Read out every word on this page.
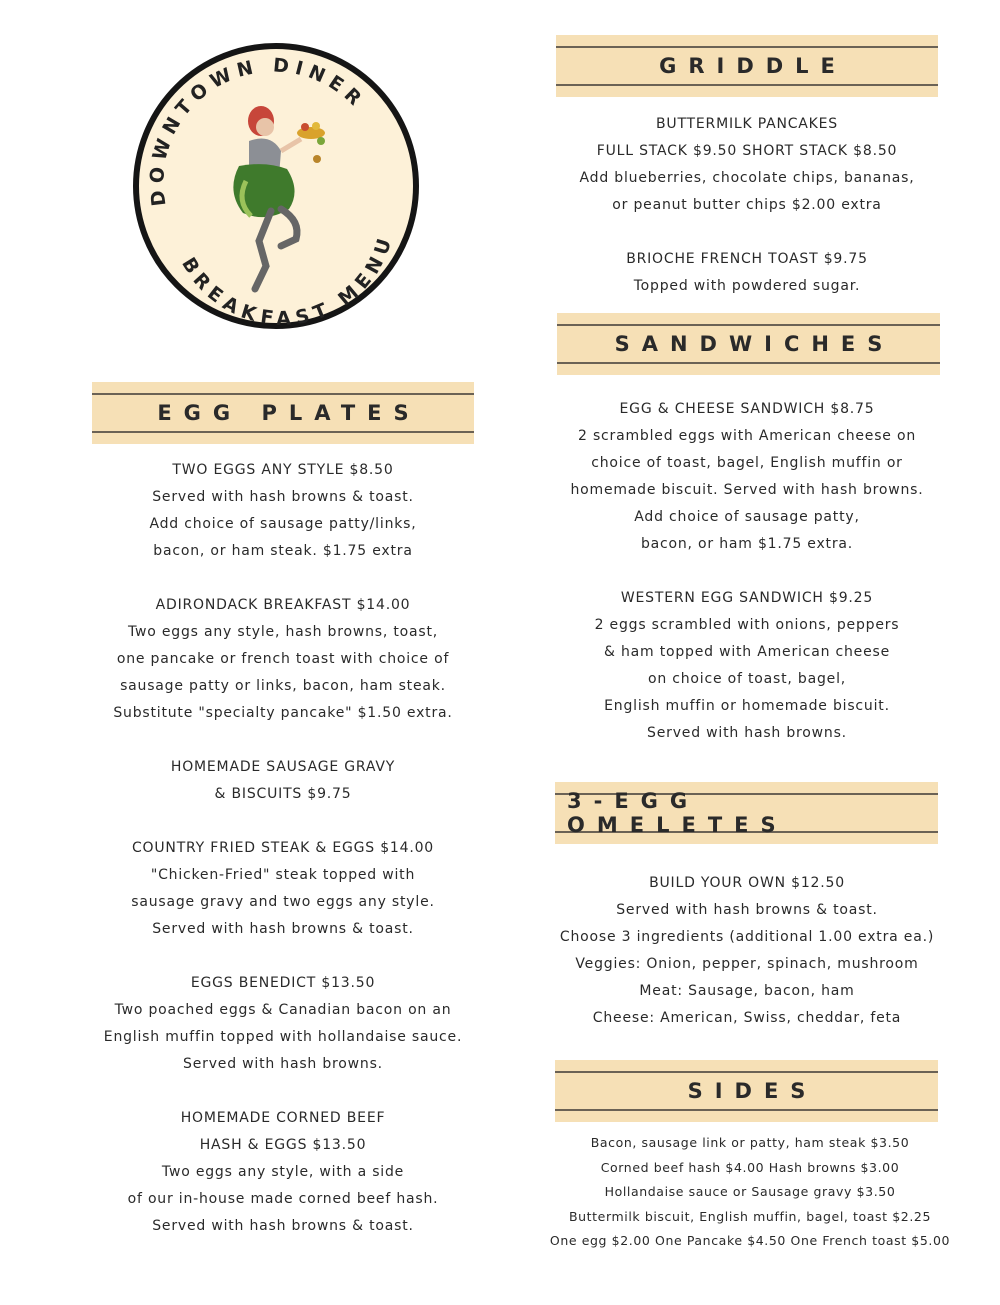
DOWNTOWN DINER
BREAKFAST MENU
GRIDDLE
BUTTERMILK PANCAKES
FULL STACK $9.50 SHORT STACK $8.50
Add blueberries, chocolate chips, bananas,
or peanut butter chips $2.00 extra
BRIOCHE FRENCH TOAST $9.75
Topped with powdered sugar.
SANDWICHES
EGG & CHEESE SANDWICH $8.75
2 scrambled eggs with American cheese on
choice of toast, bagel, English muffin or
homemade biscuit. Served with hash browns.
Add choice of sausage patty,
bacon, or ham $1.75 extra.
WESTERN EGG SANDWICH $9.25
2 eggs scrambled with onions, peppers
& ham topped with American cheese
on choice of toast, bagel,
English muffin or homemade biscuit.
Served with hash browns.
3-EGG OMELETES
BUILD YOUR OWN $12.50
Served with hash browns & toast.
Choose 3 ingredients (additional 1.00 extra ea.)
Veggies: Onion, pepper, spinach, mushroom
Meat: Sausage, bacon, ham
Cheese: American, Swiss, cheddar, feta
SIDES
Bacon, sausage link or patty, ham steak $3.50
Corned beef hash $4.00 Hash browns $3.00
Hollandaise sauce or Sausage gravy $3.50
Buttermilk biscuit, English muffin, bagel, toast $2.25
One egg $2.00 One Pancake $4.50 One French toast $5.00
EGG PLATES
TWO EGGS ANY STYLE $8.50
Served with hash browns & toast.
Add choice of sausage patty/links,
bacon, or ham steak. $1.75 extra
ADIRONDACK BREAKFAST $14.00
Two eggs any style, hash browns, toast,
one pancake or french toast with choice of
sausage patty or links, bacon, ham steak.
Substitute "specialty pancake" $1.50 extra.
HOMEMADE SAUSAGE GRAVY
& BISCUITS $9.75
COUNTRY FRIED STEAK & EGGS $14.00
"Chicken-Fried" steak topped with
sausage gravy and two eggs any style.
Served with hash browns & toast.
EGGS BENEDICT $13.50
Two poached eggs & Canadian bacon on an
English muffin topped with hollandaise sauce.
Served with hash browns.
HOMEMADE CORNED BEEF
HASH & EGGS $13.50
Two eggs any style, with a side
of our in-house made corned beef hash.
Served with hash browns & toast.
